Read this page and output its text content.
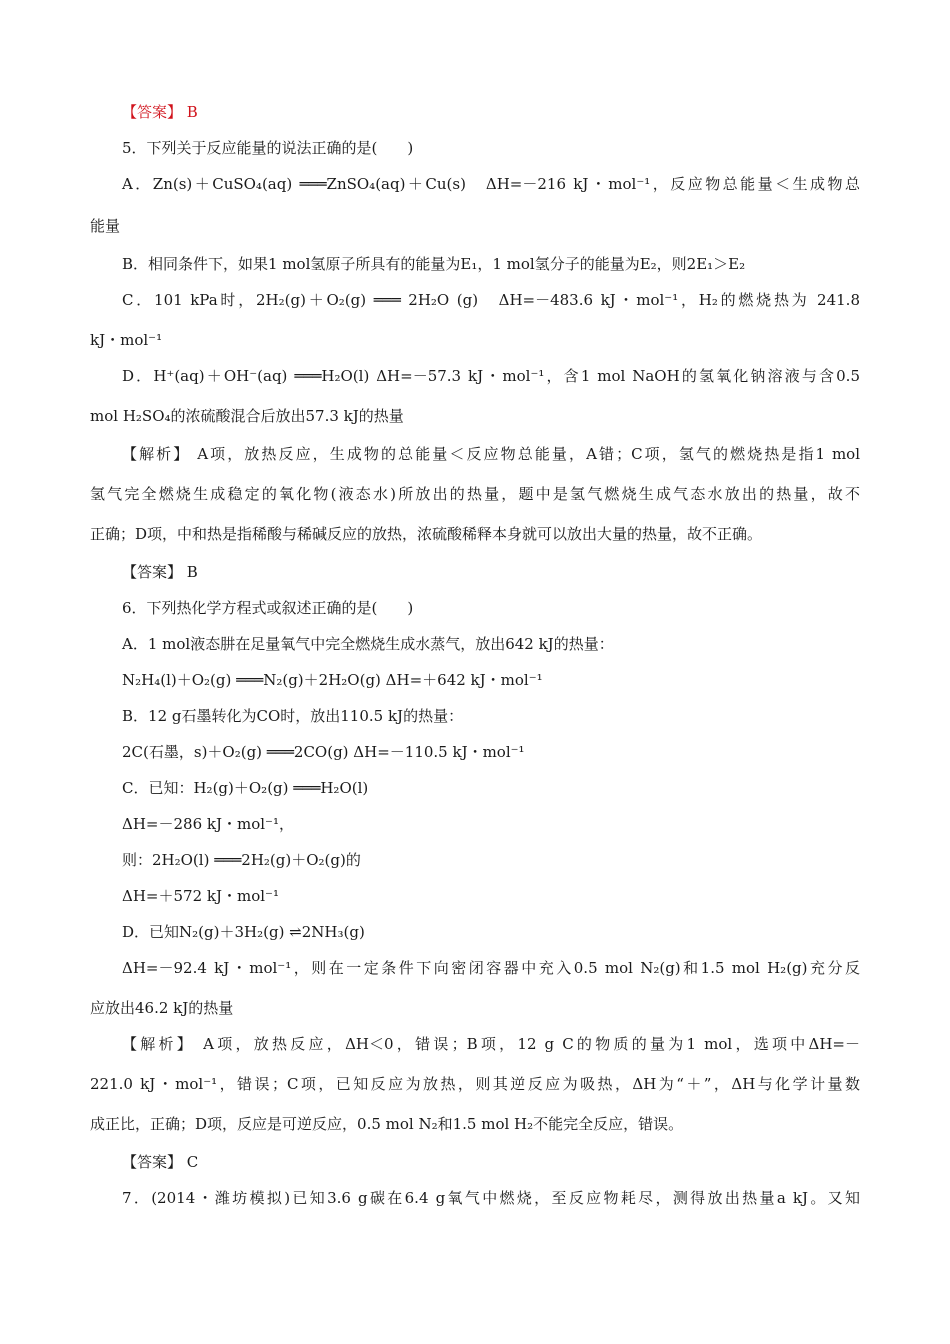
【答案】 B
5．下列关于反应能量的说法正确的是(　　)
A．Zn(s)＋CuSO₄(aq) ═══ZnSO₄(aq)＋Cu(s)　ΔH=－216 kJ・mol⁻¹，反应物总能量＜生成物总
能量
B．相同条件下，如果1 mol氢原子所具有的能量为E₁，1 mol氢分子的能量为E₂，则2E₁＞E₂
C．101 kPa时，2H₂(g)＋O₂(g) ═══ 2H₂O (g)　ΔH=－483.6 kJ・mol⁻¹，H₂的燃烧热为 241.8
kJ・mol⁻¹
D．H⁺(aq)＋OH⁻(aq) ═══H₂O(l) ΔH=－57.3 kJ・mol⁻¹，含1 mol NaOH的氢氧化钠溶液与含0.5
mol H₂SO₄的浓硫酸混合后放出57.3 kJ的热量
【解析】 A项，放热反应，生成物的总能量＜反应物总能量，A错；C项，氢气的燃烧热是指1 mol
氢气完全燃烧生成稳定的氧化物(液态水)所放出的热量，题中是氢气燃烧生成气态水放出的热量，故不
正确；D项，中和热是指稀酸与稀碱反应的放热，浓硫酸稀释本身就可以放出大量的热量，故不正确。
【答案】 B
6．下列热化学方程式或叙述正确的是(　　)
A．1 mol液态肼在足量氧气中完全燃烧生成水蒸气，放出642 kJ的热量：
N₂H₄(l)＋O₂(g) ═══N₂(g)＋2H₂O(g) ΔH=＋642 kJ・mol⁻¹
B．12 g石墨转化为CO时，放出110.5 kJ的热量：
2C(石墨，s)＋O₂(g) ═══2CO(g) ΔH=－110.5 kJ・mol⁻¹
C．已知：H₂(g)＋O₂(g) ═══H₂O(l)
ΔH=－286 kJ・mol⁻¹，
则：2H₂O(l) ═══2H₂(g)＋O₂(g)的
ΔH=＋572 kJ・mol⁻¹
D．已知N₂(g)＋3H₂(g) ⇌2NH₃(g)
ΔH=－92.4 kJ・mol⁻¹，则在一定条件下向密闭容器中充入0.5 mol N₂(g)和1.5 mol H₂(g)充分反
应放出46.2 kJ的热量
【解析】 A项，放热反应，ΔH＜0，错误；B项，12 g C的物质的量为1 mol，选项中ΔH=－
221.0 kJ・mol⁻¹，错误；C项，已知反应为放热，则其逆反应为吸热，ΔH为“＋”，ΔH与化学计量数
成正比，正确；D项，反应是可逆反应，0.5 mol N₂和1.5 mol H₂不能完全反应，错误。
【答案】 C
7．(2014・潍坊模拟)已知3.6 g碳在6.4 g氧气中燃烧，至反应物耗尽，测得放出热量a kJ。又知
